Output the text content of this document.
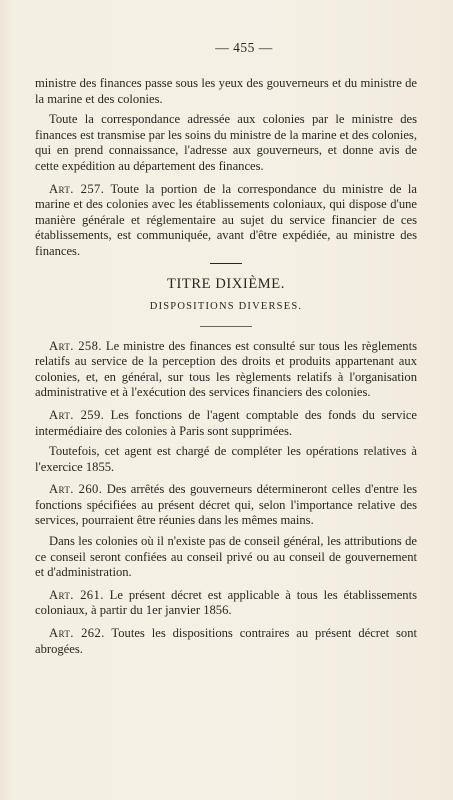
— 455 —

ministre des finances passe sous les yeux des gouverneurs et du ministre de la marine et des colonies.

Toute la correspondance adressée aux colonies par le ministre des finances est transmise par les soins du ministre de la marine et des colonies, qui en prend connaissance, l'adresse aux gouverneurs, et donne avis de cette expédition au département des finances.

Art. 257. Toute la portion de la correspondance du ministre de la marine et des colonies avec les établissements coloniaux, qui dispose d'une manière générale et réglementaire au sujet du service financier de ces établissements, est communiquée, avant d'être expédiée, au ministre des finances.

TITRE DIXIÈME.
DISPOSITIONS DIVERSES.

Art. 258. Le ministre des finances est consulté sur tous les règlements relatifs au service de la perception des droits et produits appartenant aux colonies, et, en général, sur tous les règlements relatifs à l'organisation administrative et à l'exécution des services financiers des colonies.

Art. 259. Les fonctions de l'agent comptable des fonds du service intermédiaire des colonies à Paris sont supprimées.

Toutefois, cet agent est chargé de compléter les opérations relatives à l'exercice 1855.

Art. 260. Des arrêtés des gouverneurs détermineront celles d'entre les fonctions spécifiées au présent décret qui, selon l'importance relative des services, pourraient être réunies dans les mêmes mains.

Dans les colonies où il n'existe pas de conseil général, les attributions de ce conseil seront confiées au conseil privé ou au conseil de gouvernement et d'administration.

Art. 261. Le présent décret est applicable à tous les établissements coloniaux, à partir du 1er janvier 1856.

Art. 262. Toutes les dispositions contraires au présent décret sont abrogées.
